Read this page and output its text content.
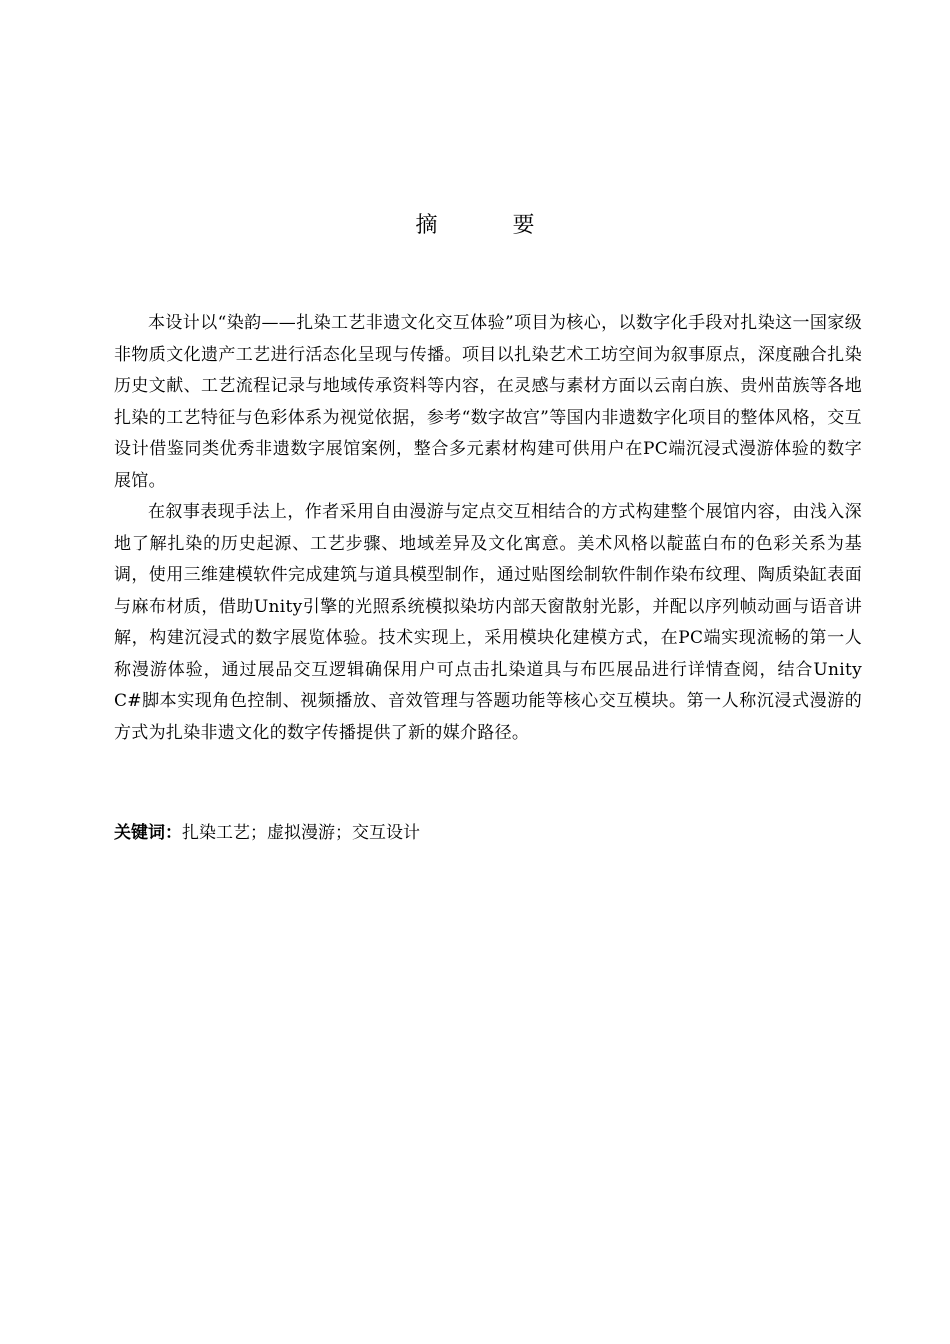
摘 要

本设计以“染韵——扎染工艺非遗文化交互体验”项目为核心，以数字化手段对扎染这一国家级非物质文化遗产工艺进行活态化呈现与传播。项目以扎染艺术工坊空间为叙事原点，深度融合扎染历史文献、工艺流程记录与地域传承资料等内容，在灵感与素材方面以云南白族、贵州苗族等各地扎染的工艺特征与色彩体系为视觉依据，参考“数字故宫”等国内非遗数字化项目的整体风格，交互设计借鉴同类优秀非遗数字展馆案例，整合多元素材构建可供用户在PC端沉浸式漫游体验的数字展馆。

在叙事表现手法上，作者采用自由漫游与定点交互相结合的方式构建整个展馆内容，由浅入深地了解扎染的历史起源、工艺步骤、地域差异及文化寓意。美术风格以靛蓝白布的色彩关系为基调，使用三维建模软件完成建筑与道具模型制作，通过贴图绘制软件制作染布纹理、陶质染缸表面与麻布材质，借助Unity引擎的光照系统模拟染坊内部天窗散射光影，并配以序列帧动画与语音讲解，构建沉浸式的数字展览体验。技术实现上，采用模块化建模方式，在PC端实现流畅的第一人称漫游体验，通过展品交互逻辑确保用户可点击扎染道具与布匹展品进行详情查阅，结合Unity C#脚本实现角色控制、视频播放、音效管理与答题功能等核心交互模块。第一人称沉浸式漫游的方式为扎染非遗文化的数字传播提供了新的媒介路径。

关键词：扎染工艺；虚拟漫游；交互设计
